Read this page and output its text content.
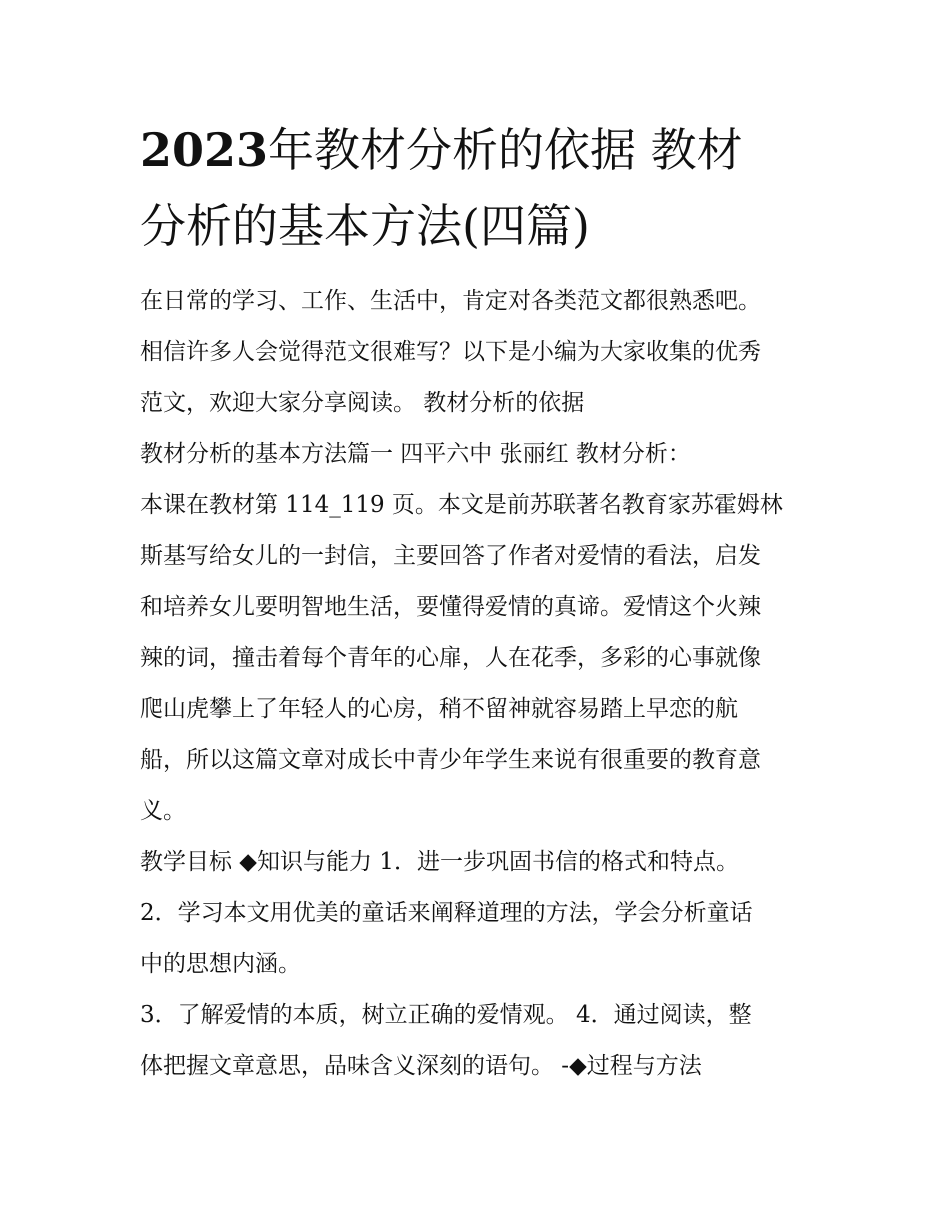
2023年教材分析的依据 教材
分析的基本方法(四篇)
在日常的学习、工作、生活中，肯定对各类范文都很熟悉吧。
相信许多人会觉得范文很难写？以下是小编为大家收集的优秀
范文，欢迎大家分享阅读。 教材分析的依据
教材分析的基本方法篇一 四平六中 张丽红 教材分析：
本课在教材第 114_119 页。本文是前苏联著名教育家苏霍姆林
斯基写给女儿的一封信，主要回答了作者对爱情的看法，启发
和培养女儿要明智地生活，要懂得爱情的真谛。爱情这个火辣
辣的词，撞击着每个青年的心扉，人在花季，多彩的心事就像
爬山虎攀上了年轻人的心房，稍不留神就容易踏上早恋的航
船，所以这篇文章对成长中青少年学生来说有很重要的教育意
义。
教学目标 ◆知识与能力 1．进一步巩固书信的格式和特点。
2．学习本文用优美的童话来阐释道理的方法，学会分析童话
中的思想内涵。
3．了解爱情的本质，树立正确的爱情观。 4．通过阅读，整
体把握文章意思，品味含义深刻的语句。 -◆过程与方法
